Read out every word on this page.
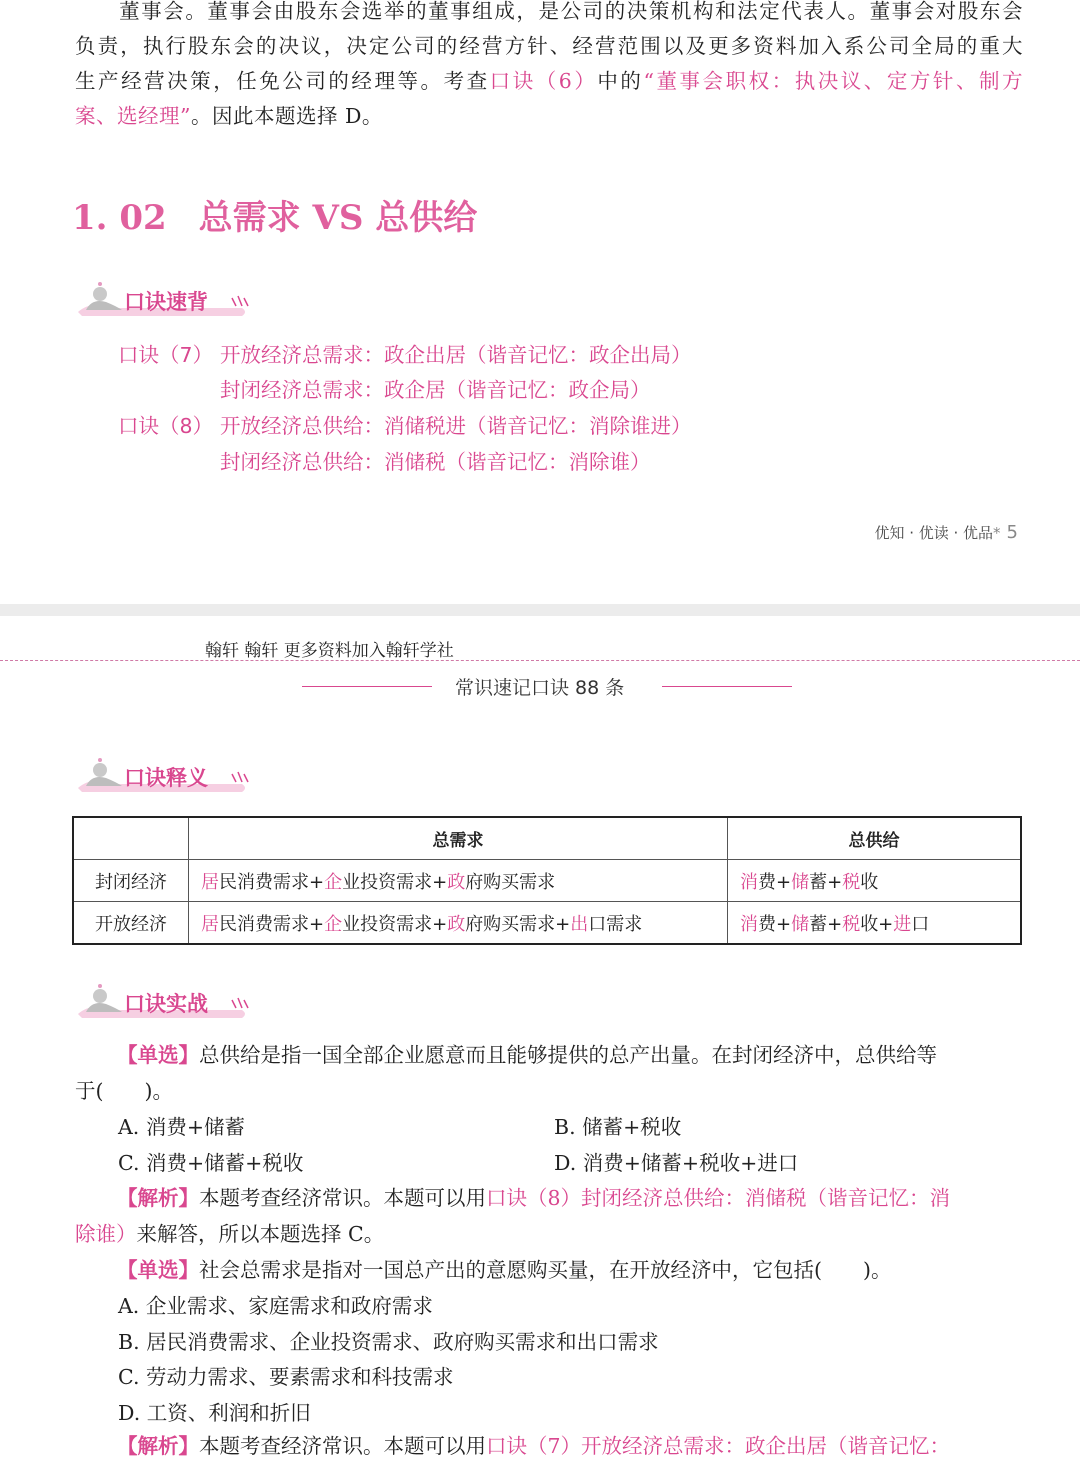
　　董事会。董事会由股东会选举的董事组成，是公司的决策机构和法定代表人。董事会对股东会
负责，执行股东会的决议，决定公司的经营方针、经营范围以及更多资料加入系公司全局的重大
生产经营决策，任免公司的经理等。考查口诀（6）中的“董事会职权：执决议、定方针、制方
案、选经理”。因此本题选择 D。
1. 02 总需求 VS 总供给
口诀速背
口诀（7） 开放经济总需求：政企出居（谐音记忆：政企出局）
封闭经济总需求：政企居（谐音记忆：政企局）
口诀（8） 开放经济总供给：消储税进（谐音记忆：消除谁进）
封闭经济总供给：消储税（谐音记忆：消除谁）
优知 · 优读 · 优品* 5
翰轩 翰轩 更多资料加入翰轩学社
常识速记口诀 88 条
口诀释义
	总需求	总供给
封闭经济	居民消费需求+企业投资需求+政府购买需求	消费+储蓄+税收
开放经济	居民消费需求+企业投资需求+政府购买需求+出口需求	消费+储蓄+税收+进口
口诀实战
【单选】总供给是指一国全部企业愿意而且能够提供的总产出量。在封闭经济中，总供给等
于(　　)。
A. 消费+储蓄	B. 储蓄+税收
C. 消费+储蓄+税收	D. 消费+储蓄+税收+进口
【解析】本题考查经济常识。本题可以用口诀（8）封闭经济总供给：消储税（谐音记忆：消
除谁）来解答，所以本题选择 C。
【单选】社会总需求是指对一国总产出的意愿购买量，在开放经济中，它包括(　　)。
A. 企业需求、家庭需求和政府需求
B. 居民消费需求、企业投资需求、政府购买需求和出口需求
C. 劳动力需求、要素需求和科技需求
D. 工资、利润和折旧
【解析】本题考查经济常识。本题可以用口诀（7）开放经济总需求：政企出居（谐音记忆：
